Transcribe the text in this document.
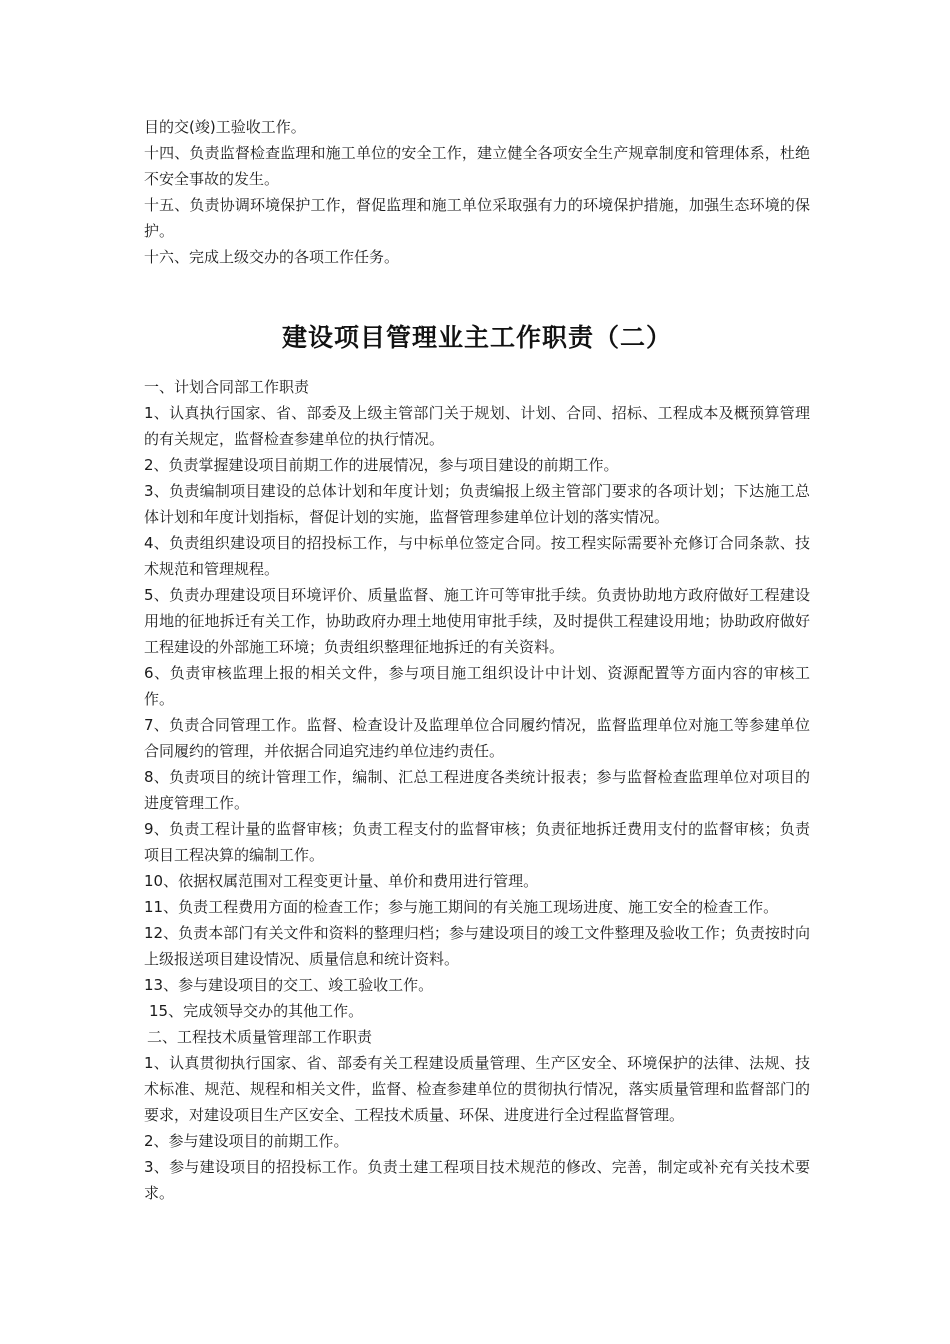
目的交(竣)工验收工作。

十四、负责监督检查监理和施工单位的安全工作，建立健全各项安全生产规章制度和管理体系，杜绝不安全事故的发生。

十五、负责协调环境保护工作，督促监理和施工单位采取强有力的环境保护措施，加强生态环境的保护。

十六、完成上级交办的各项工作任务。

建设项目管理业主工作职责（二）

一、计划合同部工作职责

1、认真执行国家、省、部委及上级主管部门关于规划、计划、合同、招标、工程成本及概预算管理的有关规定，监督检查参建单位的执行情况。

2、负责掌握建设项目前期工作的进展情况，参与项目建设的前期工作。

3、负责编制项目建设的总体计划和年度计划；负责编报上级主管部门要求的各项计划；下达施工总体计划和年度计划指标，督促计划的实施，监督管理参建单位计划的落实情况。

4、负责组织建设项目的招投标工作，与中标单位签定合同。按工程实际需要补充修订合同条款、技术规范和管理规程。

5、负责办理建设项目环境评价、质量监督、施工许可等审批手续。负责协助地方政府做好工程建设用地的征地拆迁有关工作，协助政府办理土地使用审批手续，及时提供工程建设用地；协助政府做好工程建设的外部施工环境；负责组织整理征地拆迁的有关资料。

6、负责审核监理上报的相关文件，参与项目施工组织设计中计划、资源配置等方面内容的审核工作。

7、负责合同管理工作。监督、检查设计及监理单位合同履约情况，监督监理单位对施工等参建单位合同履约的管理，并依据合同追究违约单位违约责任。

8、负责项目的统计管理工作，编制、汇总工程进度各类统计报表；参与监督检查监理单位对项目的进度管理工作。

9、负责工程计量的监督审核；负责工程支付的监督审核；负责征地拆迁费用支付的监督审核；负责项目工程决算的编制工作。

10、依据权属范围对工程变更计量、单价和费用进行管理。

11、负责工程费用方面的检查工作；参与施工期间的有关施工现场进度、施工安全的检查工作。

12、负责本部门有关文件和资料的整理归档；参与建设项目的竣工文件整理及验收工作；负责按时向上级报送项目建设情况、质量信息和统计资料。

13、参与建设项目的交工、竣工验收工作。

15、完成领导交办的其他工作。

二、工程技术质量管理部工作职责

1、认真贯彻执行国家、省、部委有关工程建设质量管理、生产区安全、环境保护的法律、法规、技术标准、规范、规程和相关文件，监督、检查参建单位的贯彻执行情况，落实质量管理和监督部门的要求，对建设项目生产区安全、工程技术质量、环保、进度进行全过程监督管理。

2、参与建设项目的前期工作。

3、参与建设项目的招投标工作。负责土建工程项目技术规范的修改、完善，制定或补充有关技术要求。
